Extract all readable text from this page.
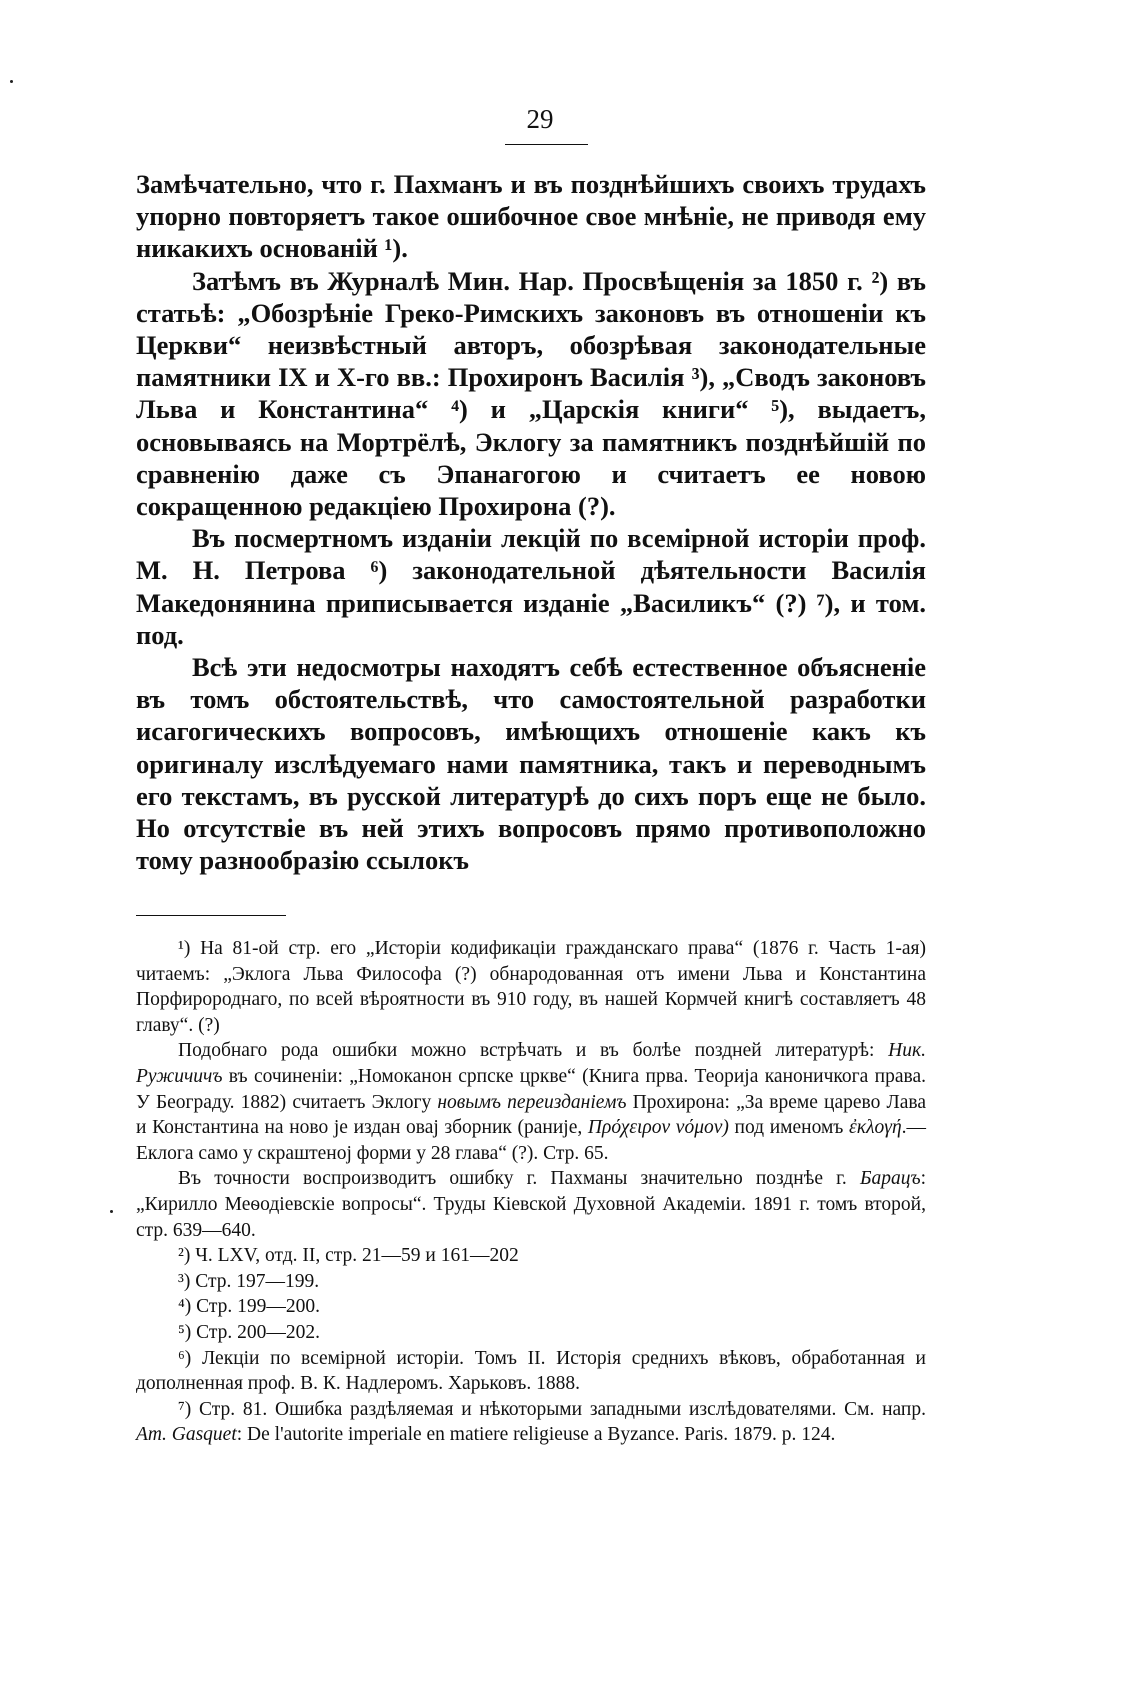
29

Замѣчательно, что г. Пахманъ и въ позднѣйшихъ своихъ трудахъ упорно повторяетъ такое ошибочное свое мнѣніе, не приводя ему никакихъ основаній ¹).

Затѣмъ въ Журналѣ Мин. Нар. Просвѣщенія за 1850 г. ²) въ статьѣ: „Обозрѣніе Греко-Римскихъ законовъ въ отношеніи къ Церкви“ неизвѣстный авторъ, обозрѣвая законодательные памятники IX и X-го вв.: Прохиронъ Василія ³), „Сводъ законовъ Льва и Константина“ ⁴) и „Царскія книги“ ⁵), выдаетъ, основываясь на Мортрёлѣ, Эклогу за памятникъ позднѣйшій по сравненію даже съ Эпанагогою и считаетъ ее новою сокращенною редакціею Прохирона (?).

Въ посмертномъ изданіи лекцій по всемірной исторіи проф. М. Н. Петрова ⁶) законодательной дѣятельности Василія Македонянина приписывается изданіе „Василикъ“ (?) ⁷), и том. под.

Всѣ эти недосмотры находятъ себѣ естественное объясненіе въ томъ обстоятельствѣ, что самостоятельной разработки исагогическихъ вопросовъ, имѣющихъ отношеніе какъ къ оригиналу изслѣдуемаго нами памятника, такъ и переводнымъ его текстамъ, въ русской литературѣ до сихъ поръ еще не было. Но отсутствіе въ ней этихъ вопросовъ прямо противоположно тому разнообразію ссылокъ

¹) На 81-ой стр. его „Исторіи кодификаціи гражданскаго права“ (1876 г. Часть 1-ая) читаемъ: „Эклога Льва Философа (?) обнародованная отъ имени Льва и Константина Порфиророднаго, по всей вѣроятности въ 910 году, въ нашей Кормчей книгѣ составляетъ 48 главу“. (?)

Подобнаго рода ошибки можно встрѣчать и въ болѣе поздней литературѣ: Ник. Ружичичъ въ сочиненіи: „Номоканон српске цркве“ (Книга прва. Теорија каноничкога права. У Београду. 1882) считаетъ Эклогу новымъ переизданіемъ Прохирона: „За време царево Лава и Константина на ново је издан овај зборник (раније, Πρόχειρον νόμον) под именомъ ἐκλογή.—Еклога само у скраштеној форми у 28 глава“ (?). Стр. 65.

Въ точности воспроизводитъ ошибку г. Пахманы значительно позднѣе г. Барацъ: „Кирилло Меѳодіевскіе вопросы“. Труды Кіевской Духовной Академіи. 1891 г. томъ второй, стр. 639—640.

²) Ч. LXV, отд. II, стр. 21—59 и 161—202

³) Стр. 197—199.

⁴) Стр. 199—200.

⁵) Стр. 200—202.

⁶) Лекціи по всемірной исторіи. Томъ II. Исторія среднихъ вѣковъ, обработанная и дополненная проф. В. К. Надлеромъ. Харьковъ. 1888.

⁷) Стр. 81. Ошибка раздѣляемая и нѣкоторыми западными изслѣдователями. См. напр. Am. Gasquet: De l'autorite imperiale en matiere religieuse a Byzance. Paris. 1879. p. 124.
